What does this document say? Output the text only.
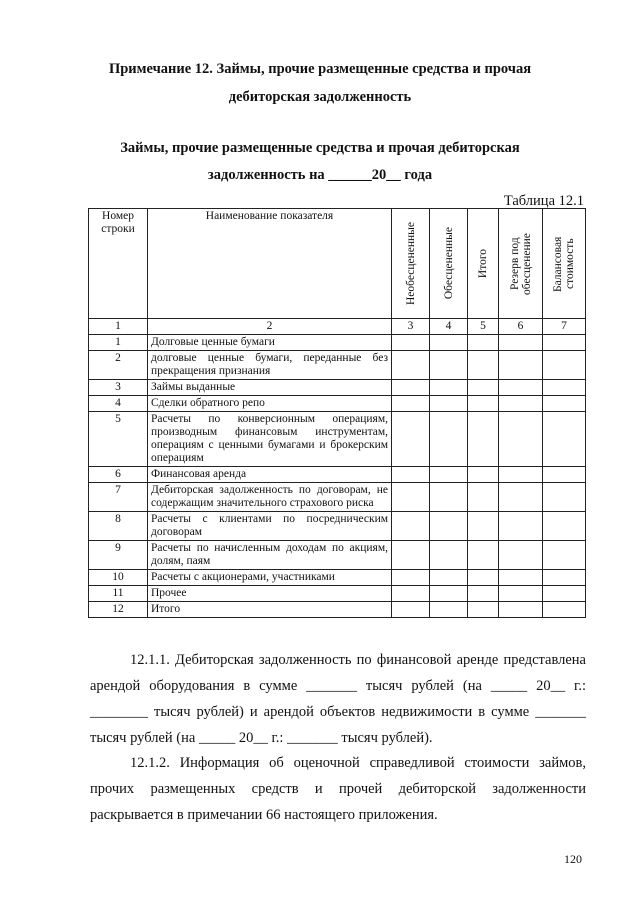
Примечание 12. Займы, прочие размещенные средства и прочая
дебиторская задолженность
Займы, прочие размещенные средства и прочая дебиторская
задолженность на ______20__ года
Таблица 12.1
Номер строки	Наименование показателя	Необесцененные	Обесцененные	Итого	Резерв под обесценение	Балансовая стоимость

1	2	3	4	5	6	7
1	Долговые ценные бумаги					
2	долговые ценные бумаги, переданные без прекращения признания					
3	Займы выданные					
4	Сделки обратного репо					
5	Расчеты по конверсионным операциям, производным финансовым инструментам, операциям с ценными бумагами и брокерским операциям					
6	Финансовая аренда					
7	Дебиторская задолженность по договорам, не содержащим значительного страхового риска					
8	Расчеты с клиентами по посредническим договорам					
9	Расчеты по начисленным доходам по акциям, долям, паям					
10	Расчеты с акционерами, участниками					
11	Прочее					
12	Итого					
12.1.1. Дебиторская задолженность по финансовой аренде представлена арендой оборудования в сумме _______ тысяч рублей (на _____ 20__ г.: ________ тысяч рублей) и арендой объектов недвижимости в сумме _______ тысяч рублей (на _____ 20__ г.: _______ тысяч рублей).
12.1.2. Информация об оценочной справедливой стоимости займов, прочих размещенных средств и прочей дебиторской задолженности раскрывается в примечании 66 настоящего приложения.
120
